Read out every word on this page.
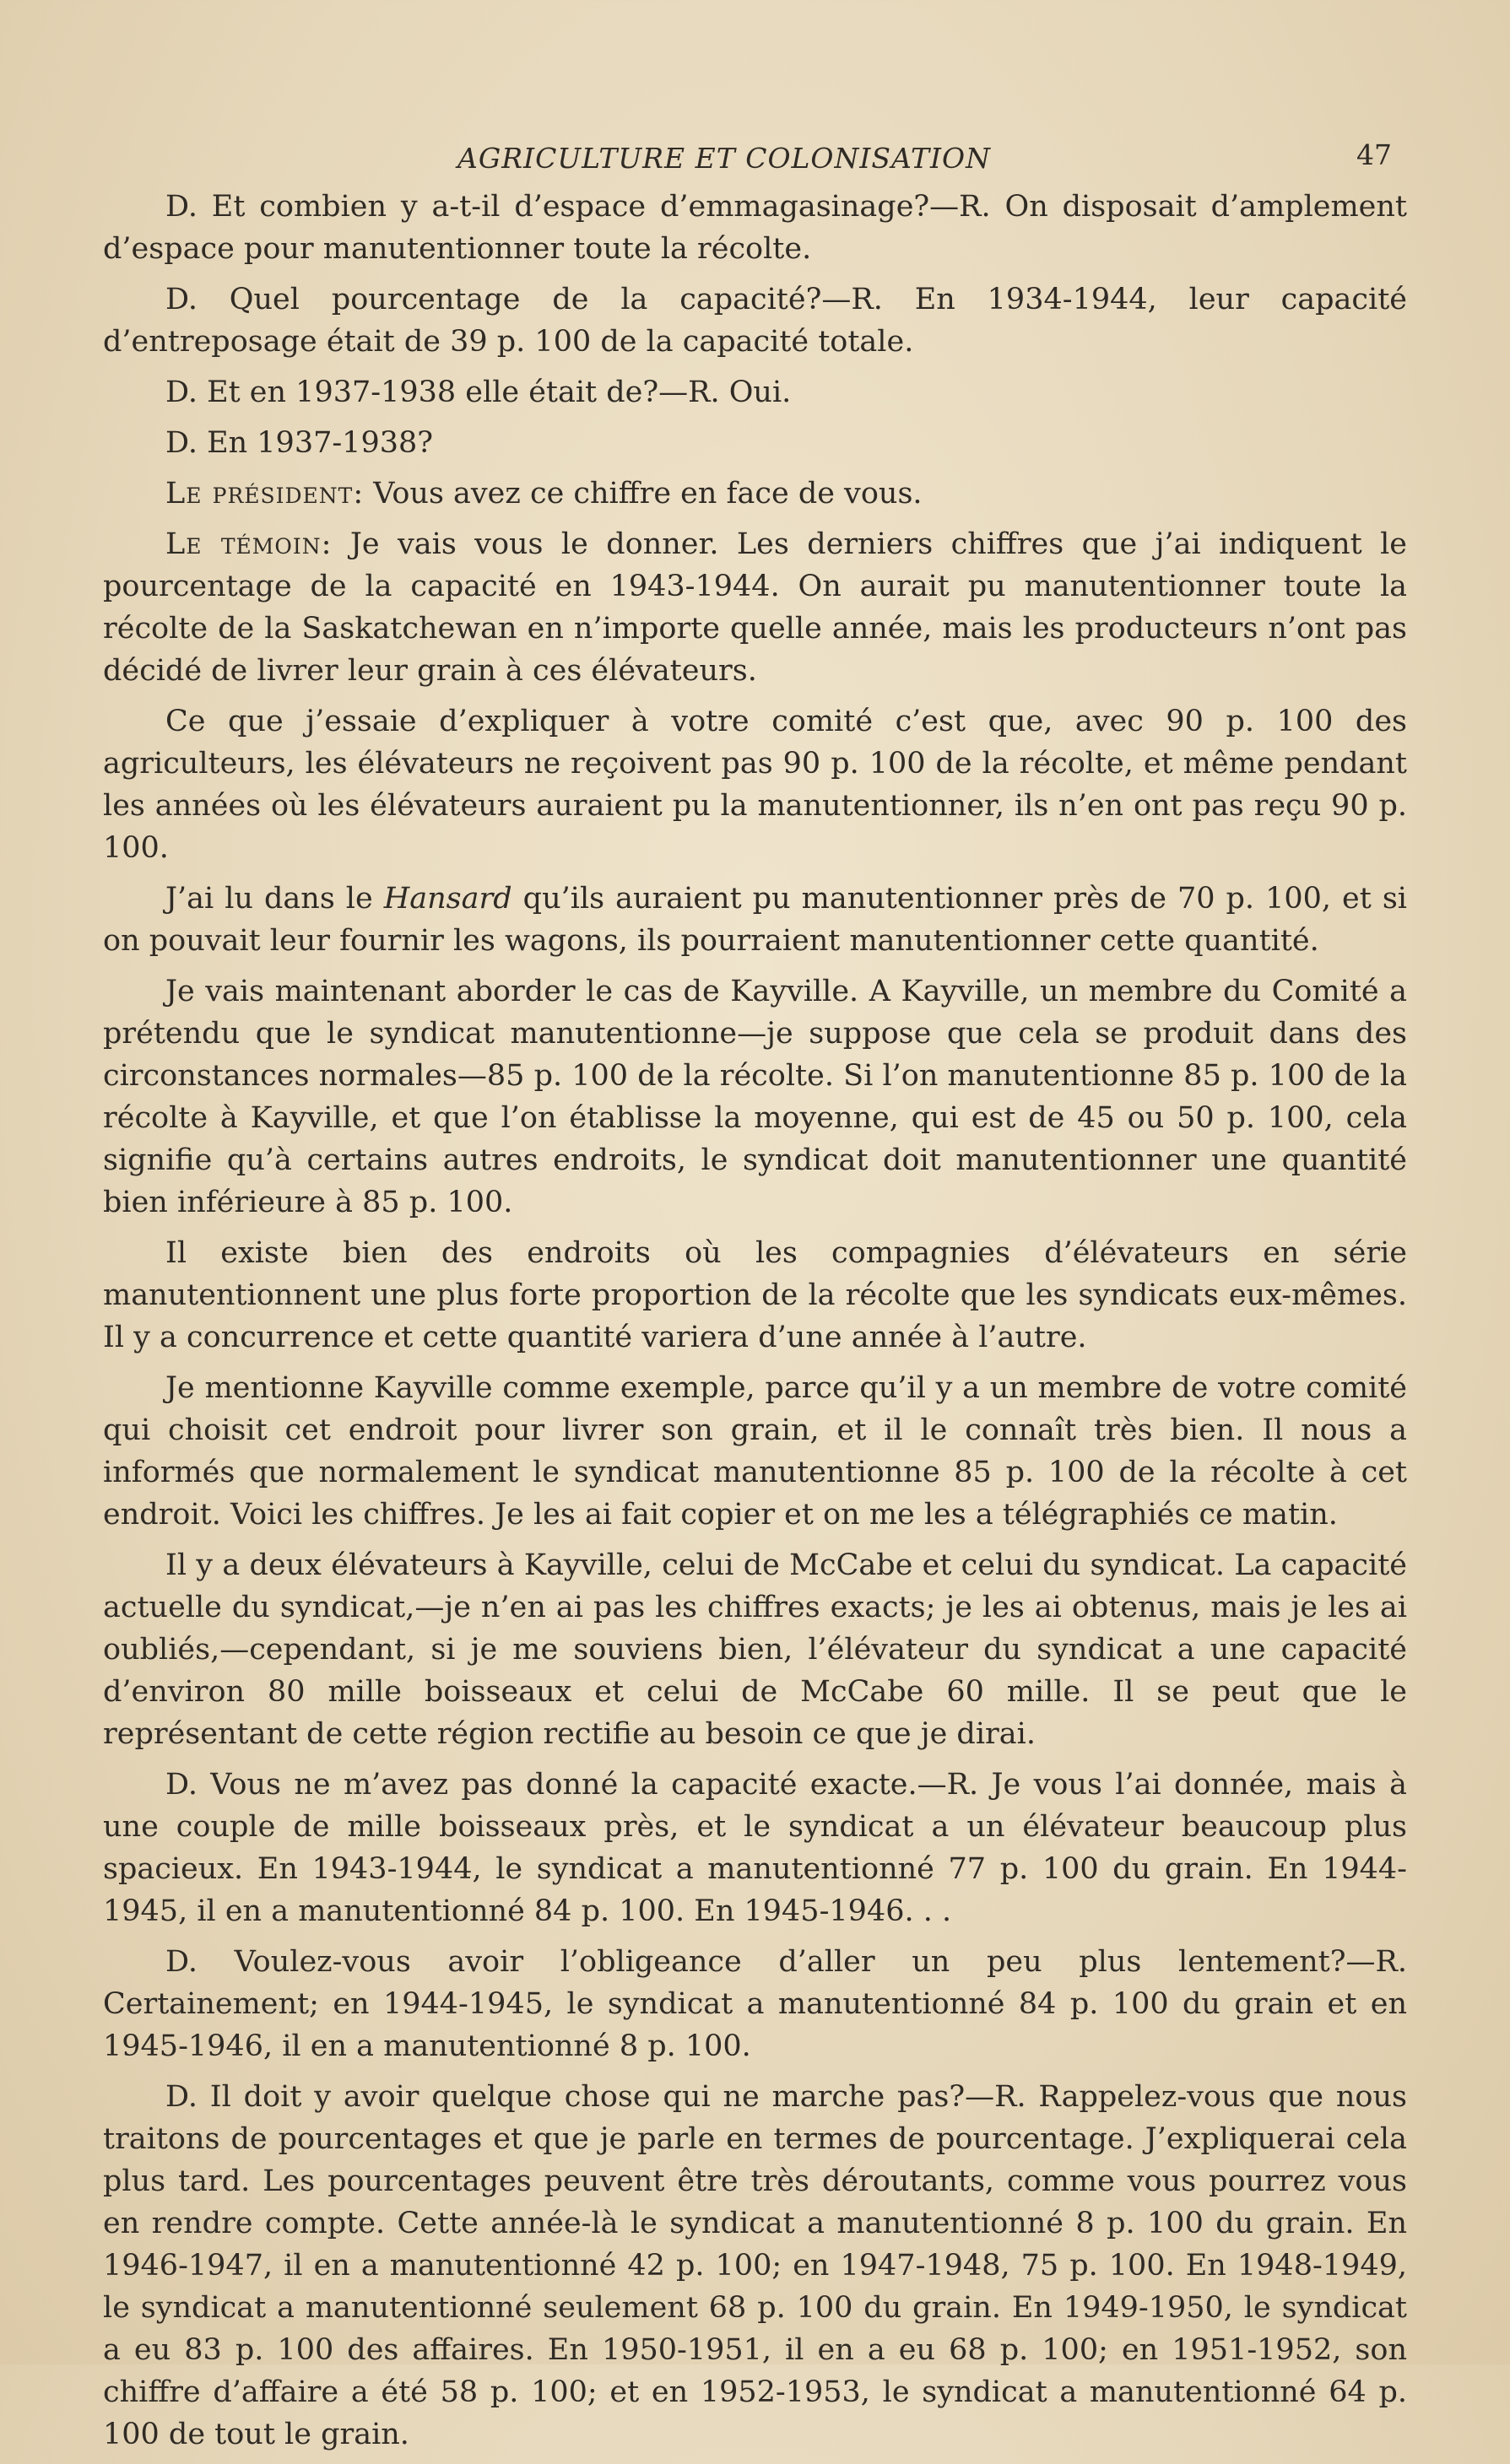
AGRICULTURE ET COLONISATION	47

D. Et combien y a-t-il d’espace d’emmagasinage?—R. On disposait d’amplement d’espace pour manutentionner toute la récolte.

D. Quel pourcentage de la capacité?—R. En 1934-1944, leur capacité d’entreposage était de 39 p. 100 de la capacité totale.

D. Et en 1937-1938 elle était de?—R. Oui.

D. En 1937-1938?

Le président: Vous avez ce chiffre en face de vous.

Le témoin: Je vais vous le donner. Les derniers chiffres que j’ai indiquent le pourcentage de la capacité en 1943-1944. On aurait pu manutentionner toute la récolte de la Saskatchewan en n’importe quelle année, mais les producteurs n’ont pas décidé de livrer leur grain à ces élévateurs.

Ce que j’essaie d’expliquer à votre comité c’est que, avec 90 p. 100 des agriculteurs, les élévateurs ne reçoivent pas 90 p. 100 de la récolte, et même pendant les années où les élévateurs auraient pu la manutentionner, ils n’en ont pas reçu 90 p. 100.

J’ai lu dans le Hansard qu’ils auraient pu manutentionner près de 70 p. 100, et si on pouvait leur fournir les wagons, ils pourraient manutentionner cette quantité.

Je vais maintenant aborder le cas de Kayville. A Kayville, un membre du Comité a prétendu que le syndicat manutentionne—je suppose que cela se produit dans des circonstances normales—85 p. 100 de la récolte. Si l’on manutentionne 85 p. 100 de la récolte à Kayville, et que l’on établisse la moyenne, qui est de 45 ou 50 p. 100, cela signifie qu’à certains autres endroits, le syndicat doit manutentionner une quantité bien inférieure à 85 p. 100.

Il existe bien des endroits où les compagnies d’élévateurs en série manutentionnent une plus forte proportion de la récolte que les syndicats eux-mêmes. Il y a concurrence et cette quantité variera d’une année à l’autre.

Je mentionne Kayville comme exemple, parce qu’il y a un membre de votre comité qui choisit cet endroit pour livrer son grain, et il le connaît très bien. Il nous a informés que normalement le syndicat manutentionne 85 p. 100 de la récolte à cet endroit. Voici les chiffres. Je les ai fait copier et on me les a télégraphiés ce matin.

Il y a deux élévateurs à Kayville, celui de McCabe et celui du syndicat. La capacité actuelle du syndicat,—je n’en ai pas les chiffres exacts; je les ai obtenus, mais je les ai oubliés,—cependant, si je me souviens bien, l’élévateur du syndicat a une capacité d’environ 80 mille boisseaux et celui de McCabe 60 mille. Il se peut que le représentant de cette région rectifie au besoin ce que je dirai.

D. Vous ne m’avez pas donné la capacité exacte.—R. Je vous l’ai donnée, mais à une couple de mille boisseaux près, et le syndicat a un élévateur beaucoup plus spacieux. En 1943-1944, le syndicat a manutentionné 77 p. 100 du grain. En 1944-1945, il en a manutentionné 84 p. 100. En 1945-1946. . .

D. Voulez-vous avoir l’obligeance d’aller un peu plus lentement?—R. Certainement; en 1944-1945, le syndicat a manutentionné 84 p. 100 du grain et en 1945-1946, il en a manutentionné 8 p. 100.

D. Il doit y avoir quelque chose qui ne marche pas?—R. Rappelez-vous que nous traitons de pourcentages et que je parle en termes de pourcentage. J’expliquerai cela plus tard. Les pourcentages peuvent être très déroutants, comme vous pourrez vous en rendre compte. Cette année-là le syndicat a manutentionné 8 p. 100 du grain. En 1946-1947, il en a manutentionné 42 p. 100; en 1947-1948, 75 p. 100. En 1948-1949, le syndicat a manutentionné seulement 68 p. 100 du grain. En 1949-1950, le syndicat a eu 83 p. 100 des affaires. En 1950-1951, il en a eu 68 p. 100; en 1951-1952, son chiffre d’affaire a été 58 p. 100; et en 1952-1953, le syndicat a manutentionné 64 p. 100 de tout le grain.
